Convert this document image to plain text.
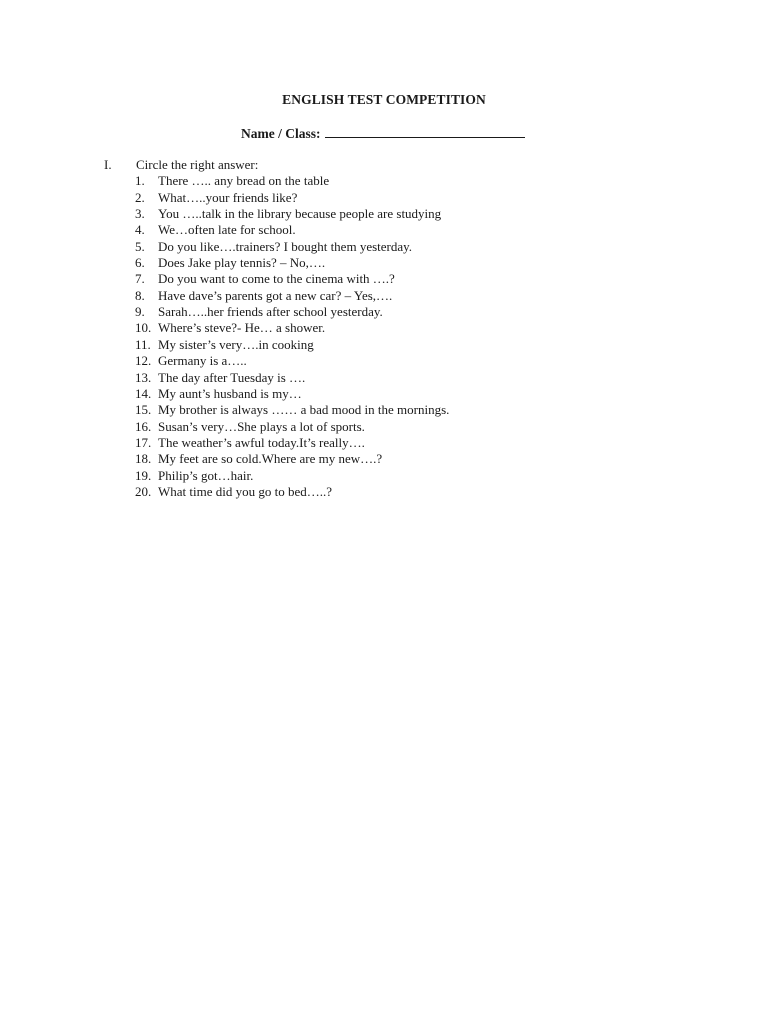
ENGLISH TEST COMPETITION
Name / Class:
I.	Circle the right answer:
1.	There ….. any bread on the table
2.	What…..your friends like?
3.	You …..talk in the library because people are studying
4.	We…often late for school.
5.	Do you like….trainers? I bought them yesterday.
6.	Does Jake play tennis? – No,….
7.	Do you want to come to the cinema with ….?
8.	Have dave’s parents got a new car? – Yes,….
9.	Sarah…..her friends after school yesterday.
10. Where’s steve?- He… a shower.
11. My sister’s very….in cooking
12. Germany is a…..
13. The day after Tuesday is ….
14. My aunt’s husband is my…
15. My brother is always …… a bad mood in the mornings.
16. Susan’s very…She plays a lot of sports.
17. The weather’s awful today.It’s really….
18. My feet are so cold.Where are my new….?
19. Philip’s got…hair.
20. What time did you go to bed…..?
